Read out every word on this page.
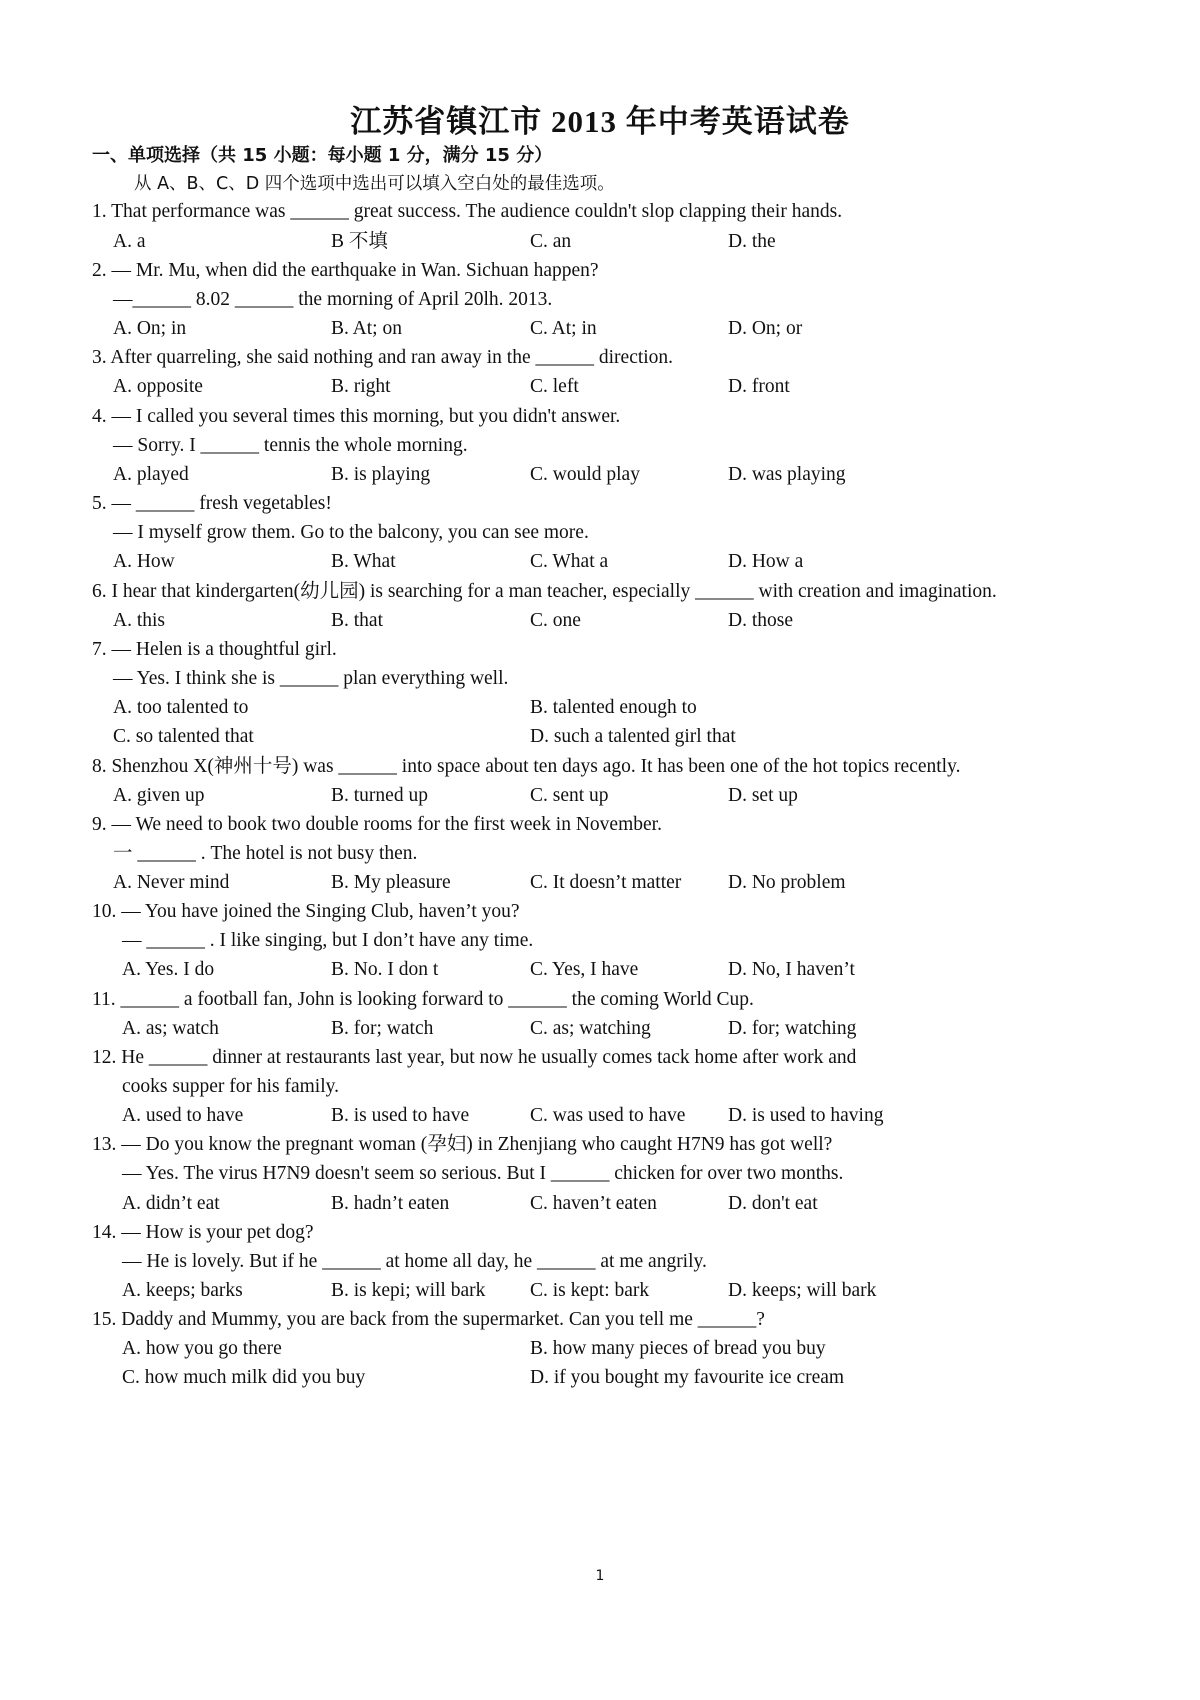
江苏省镇江市 2013 年中考英语试卷
一、单项选择（共 15 小题：每小题 1 分，满分 15 分）
从 A、B、C、D 四个选项中选出可以填入空白处的最佳选项。
1. That performance was ______ great success. The audience couldn't slop clapping their hands.
A. a	B 不填	C. an	D. the
2. — Mr. Mu, when did the earthquake in Wan. Sichuan happen?
—______ 8.02 ______ the morning of April 20lh. 2013.
A. On; in	B. At; on	C. At; in	D. On; or
3. After quarreling, she said nothing and ran away in the ______ direction.
A. opposite	B. right	C. left	D. front
4. — I called you several times this morning, but you didn't answer.
— Sorry. I ______ tennis the whole morning.
A. played	B. is playing	C. would play	D. was playing
5. — ______ fresh vegetables!
— I myself grow them. Go to the balcony, you can see more.
A. How	B. What	C. What a	D. How a
6. I hear that kindergarten(幼儿园) is searching for a man teacher, especially ______ with creation and imagination.
A. this	B. that	C. one	D. those
7. — Helen is a thoughtful girl.
— Yes. I think she is ______ plan everything well.
A. too talented to	B. talented enough to
C. so talented that	D. such a talented girl that
8. Shenzhou X(神州十号) was ______ into space about ten days ago. It has been one of the hot topics recently.
A. given up	B. turned up	C. sent up	D. set up
9. — We need to book two double rooms for the first week in November.
一 ______ . The hotel is not busy then.
A. Never mind	B. My pleasure	C. It doesn’t matter D. No problem
10. — You have joined the Singing Club, haven’t you?
— ______ . I like singing, but I don’t have any time.
A. Yes. I do	B. No. I don t	C. Yes, I have	D. No, I haven’t
11. ______ a football fan, John is looking forward to ______ the coming World Cup.
A. as; watch	B. for; watch	C. as; watching	D. for; watching
12. He ______ dinner at restaurants last year, but now he usually comes tack home after work and
cooks supper for his family.
A. used to have	B. is used to have	C. was used to have D. is used to having
13. — Do you know the pregnant woman (孕妇) in Zhenjiang who caught H7N9 has got well?
— Yes. The virus H7N9 doesn't seem so serious. But I ______ chicken for over two months.
A. didn’t eat	B. hadn’t eaten	C. haven’t eaten	D. don't eat
14. — How is your pet dog?
— He is lovely. But if he ______ at home all day, he ______ at me angrily.
A. keeps; barks	B. is kepi; will bark C. is kept: bark	D. keeps; will bark
15. Daddy and Mummy, you are back from the supermarket. Can you tell me ______?
A. how you go there	B. how many pieces of bread you buy
C. how much milk did you buy	D. if you bought my favourite ice cream
1
